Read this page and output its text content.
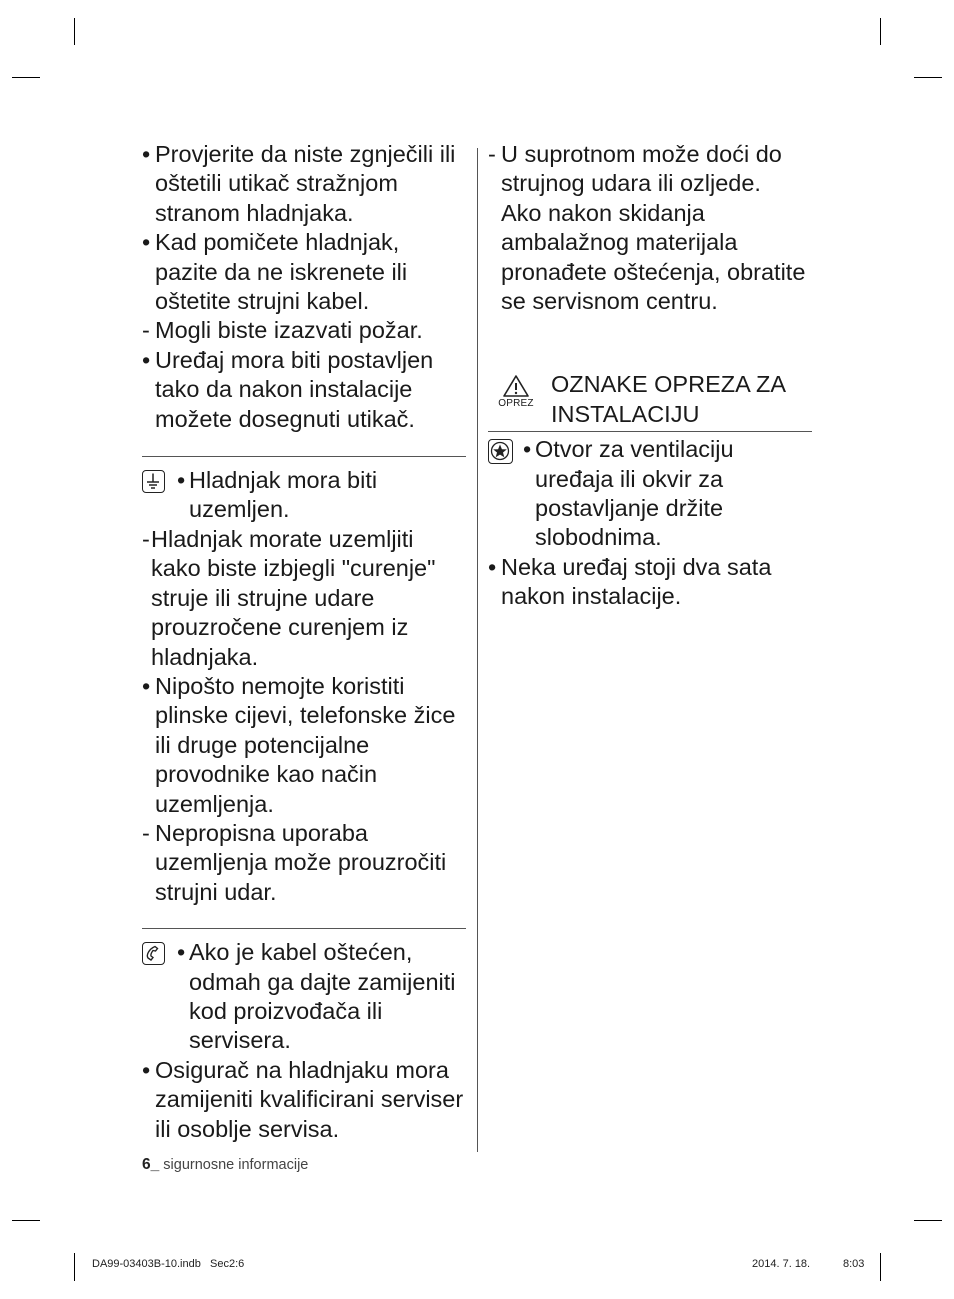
• Provjerite da niste zgnječili ili oštetili utikač stražnjom stranom hladnjaka.

• Kad pomičete hladnjak, pazite da ne iskrenete ili oštetite strujni kabel.

- Mogli biste izazvati požar.

• Uređaj mora biti postavljen tako da nakon instalacije možete dosegnuti utikač.

• Hladnjak mora biti uzemljen.

- Hladnjak morate uzemljiti kako biste izbjegli "curenje" struje ili strujne udare prouzročene curenjem iz hladnjaka.

• Nipošto nemojte koristiti plinske cijevi, telefonske žice ili druge potencijalne provodnike kao način uzemljenja.

- Nepropisna uporaba uzemljenja može prouzročiti strujni udar.

• Ako je kabel oštećen, odmah ga dajte zamijeniti kod proizvođača ili servisera.

• Osigurač na hladnjaku mora zamijeniti kvalificirani serviser ili osoblje servisa.

- U suprotnom može doći do strujnog udara ili ozljede.

Ako nakon skidanja ambalažnog materijala pronađete oštećenja, obratite se servisnom centru.

OPREZ
OZNAKE OPREZA ZA INSTALACIJU

• Otvor za ventilaciju uređaja ili okvir za postavljanje držite slobodnima.

• Neka uređaj stoji dva sata nakon instalacije.

6_ sigurnosne informacije
DA99-03403B-10.indb   Sec2:6	2014. 7. 18.	8:03
